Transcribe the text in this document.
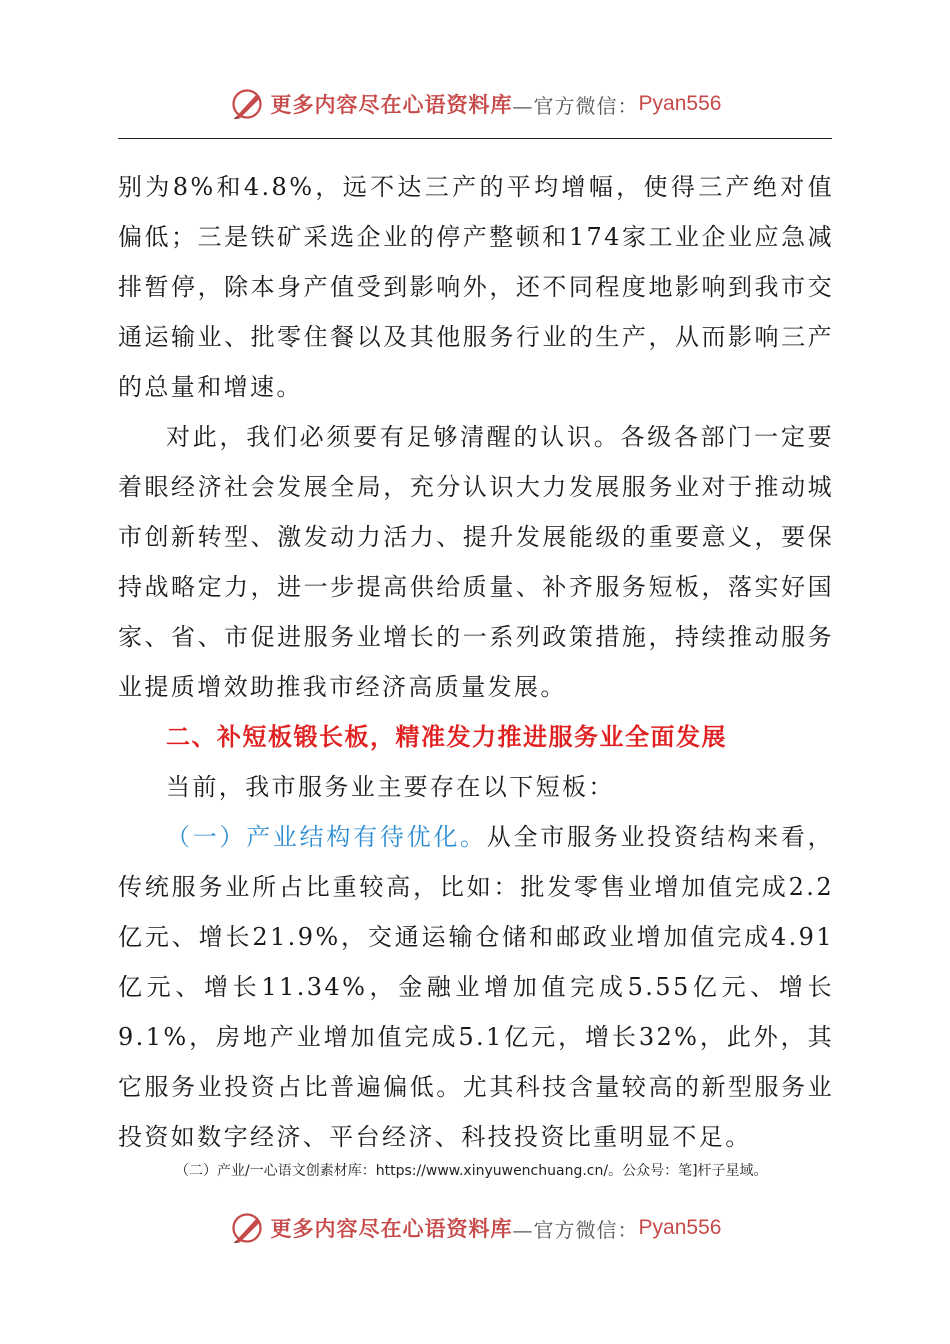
更多内容尽在心语资料库 —官方微信： Pyan556

别为8%和4.8%，远不达三产的平均增幅，使得三产绝对值偏低；三是铁矿采选企业的停产整顿和174家工业企业应急减排暂停，除本身产值受到影响外，还不同程度地影响到我市交通运输业、批零住餐以及其他服务行业的生产，从而影响三产的总量和增速。

对此，我们必须要有足够清醒的认识。各级各部门一定要着眼经济社会发展全局，充分认识大力发展服务业对于推动城市创新转型、激发动力活力、提升发展能级的重要意义，要保持战略定力，进一步提高供给质量、补齐服务短板，落实好国家、省、市促进服务业增长的一系列政策措施，持续推动服务业提质增效助推我市经济高质量发展。

二、补短板锻长板，精准发力推进服务业全面发展

当前，我市服务业主要存在以下短板：

（一）产业结构有待优化。从全市服务业投资结构来看，传统服务业所占比重较高，比如：批发零售业增加值完成2.2亿元、增长21.9%，交通运输仓储和邮政业增加值完成4.91亿元、增长11.34%，金融业增加值完成5.55亿元、增长9.1%，房地产业增加值完成5.1亿元，增长32%，此外，其它服务业投资占比普遍偏低。尤其科技含量较高的新型服务业投资如数字经济、平台经济、科技投资比重明显不足。

（二）产业/一心语文创素材库：https://www.xinyuwenchuang.cn/。公众号：笔]杆子星域。
更多内容尽在心语资料库 —官方微信： Pyan556
